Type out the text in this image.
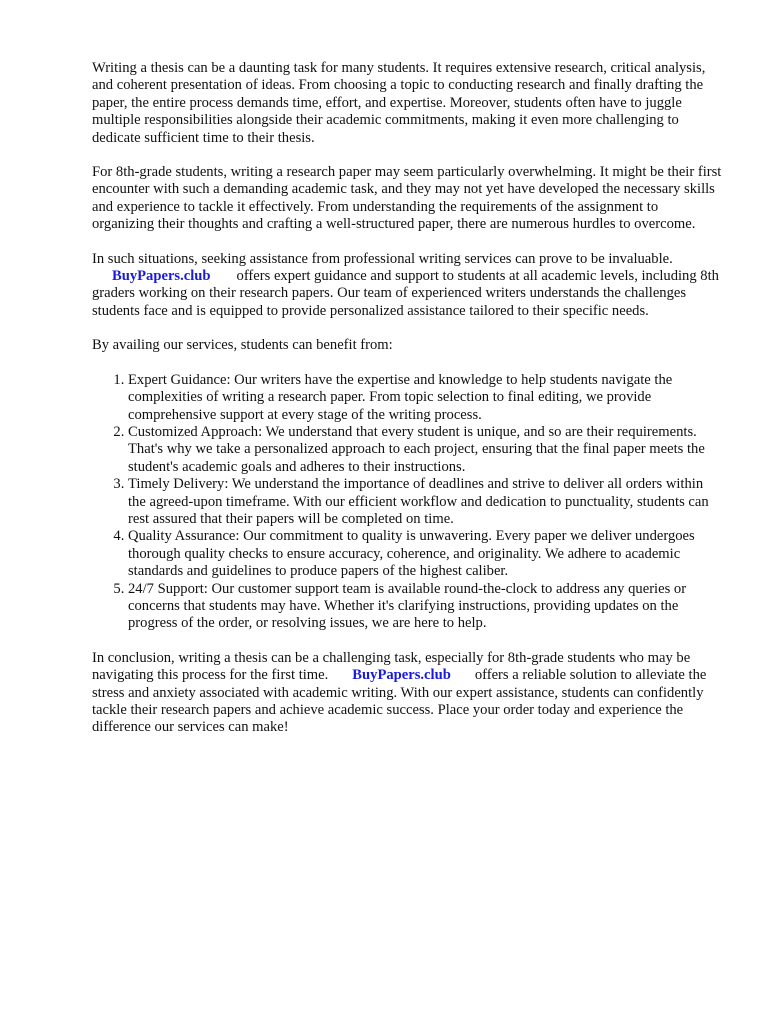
Writing a thesis can be a daunting task for many students. It requires extensive research, critical analysis, and coherent presentation of ideas. From choosing a topic to conducting research and finally drafting the paper, the entire process demands time, effort, and expertise. Moreover, students often have to juggle multiple responsibilities alongside their academic commitments, making it even more challenging to dedicate sufficient time to their thesis.

For 8th-grade students, writing a research paper may seem particularly overwhelming. It might be their first encounter with such a demanding academic task, and they may not yet have developed the necessary skills and experience to tackle it effectively. From understanding the requirements of the assignment to organizing their thoughts and crafting a well-structured paper, there are numerous hurdles to overcome.

In such situations, seeking assistance from professional writing services can prove to be invaluable.
BuyPapers.club offers expert guidance and support to students at all academic levels, including 8th graders working on their research papers. Our team of experienced writers understands the challenges students face and is equipped to provide personalized assistance tailored to their specific needs.

By availing our services, students can benefit from:

1. Expert Guidance: Our writers have the expertise and knowledge to help students navigate the complexities of writing a research paper. From topic selection to final editing, we provide comprehensive support at every stage of the writing process.
2. Customized Approach: We understand that every student is unique, and so are their requirements. That's why we take a personalized approach to each project, ensuring that the final paper meets the student's academic goals and adheres to their instructions.
3. Timely Delivery: We understand the importance of deadlines and strive to deliver all orders within the agreed-upon timeframe. With our efficient workflow and dedication to punctuality, students can rest assured that their papers will be completed on time.
4. Quality Assurance: Our commitment to quality is unwavering. Every paper we deliver undergoes thorough quality checks to ensure accuracy, coherence, and originality. We adhere to academic standards and guidelines to produce papers of the highest caliber.
5. 24/7 Support: Our customer support team is available round-the-clock to address any queries or concerns that students may have. Whether it's clarifying instructions, providing updates on the progress of the order, or resolving issues, we are here to help.

In conclusion, writing a thesis can be a challenging task, especially for 8th-grade students who may be navigating this process for the first time. BuyPapers.club offers a reliable solution to alleviate the stress and anxiety associated with academic writing. With our expert assistance, students can confidently tackle their research papers and achieve academic success. Place your order today and experience the difference our services can make!
